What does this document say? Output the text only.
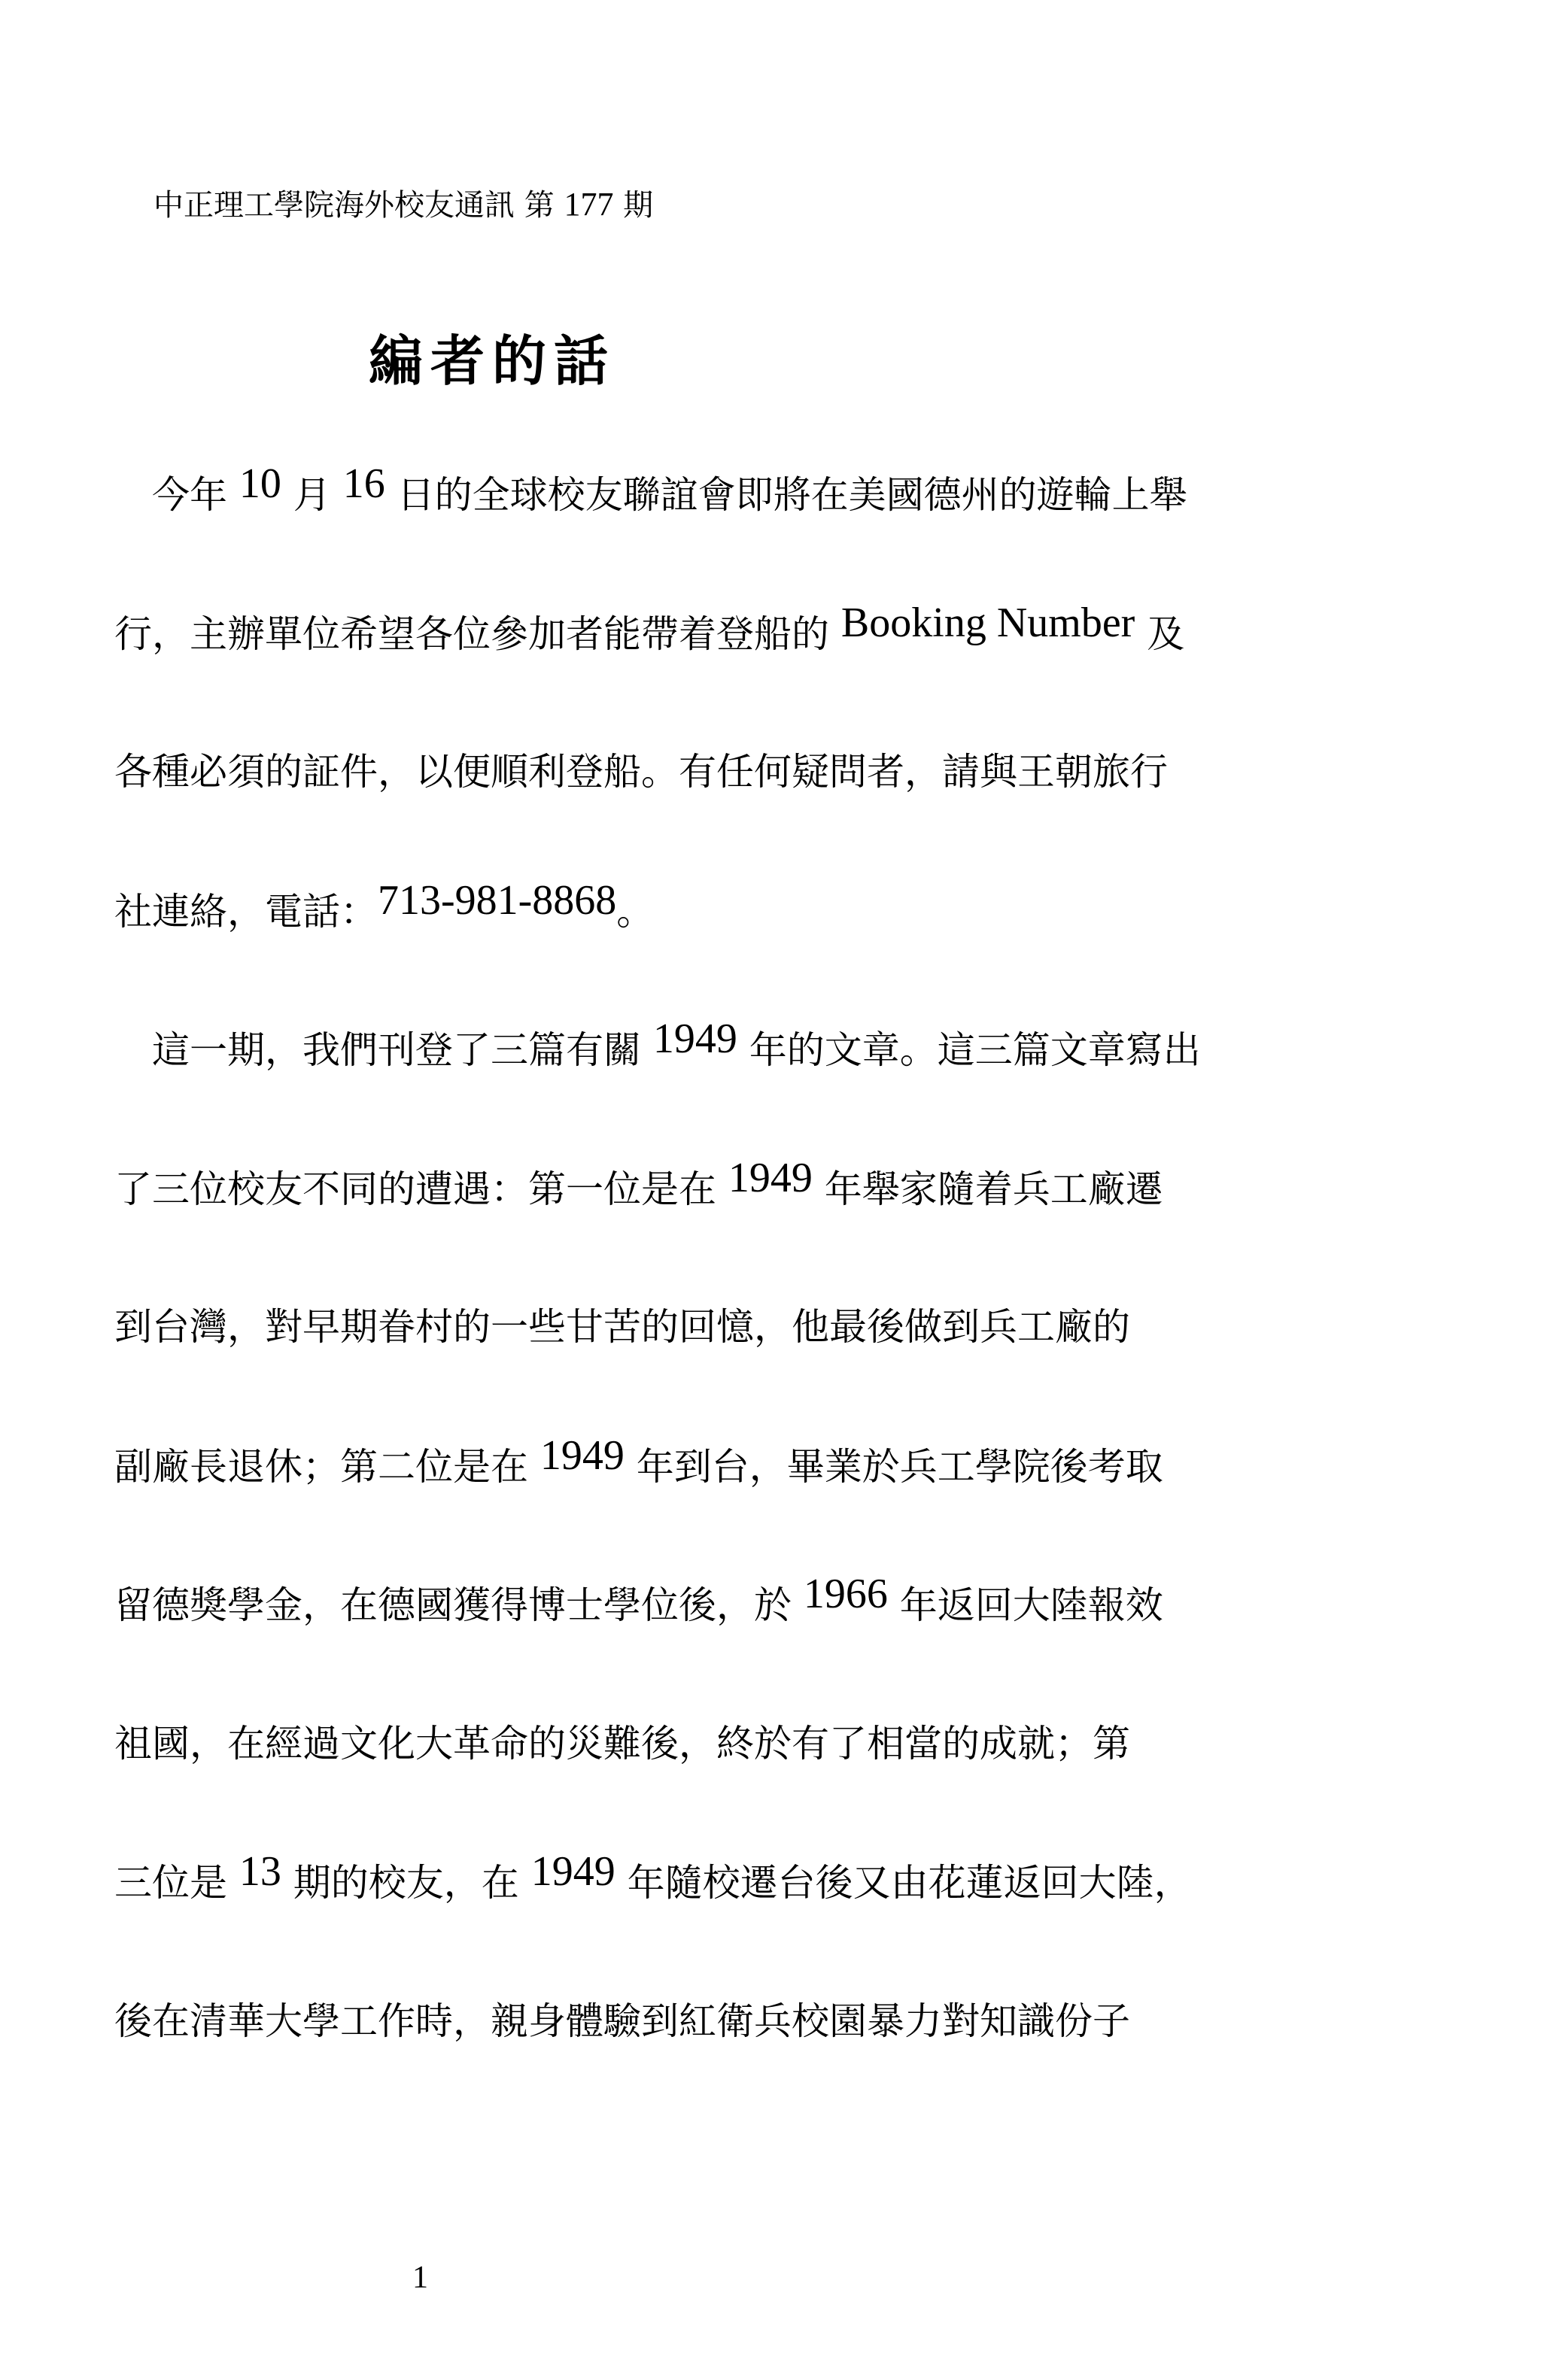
中正理工學院海外校友通訊 第 177 期
編者的話
　今年 10 月 16 日的全球校友聯誼會即將在美國德州的遊輪上舉
行，主辦單位希望各位參加者能帶着登船的 Booking Number 及
各種必須的証件，以便順利登船。有任何疑問者，請與王朝旅行
社連絡，電話：713-981-8868。
　這一期，我們刊登了三篇有關 1949 年的文章。這三篇文章寫出
了三位校友不同的遭遇：第一位是在 1949 年舉家隨着兵工廠遷
到台灣，對早期眷村的一些甘苦的回憶，他最後做到兵工廠的
副廠長退休；第二位是在 1949 年到台，畢業於兵工學院後考取
留德獎學金，在德國獲得博士學位後，於 1966 年返回大陸報效
祖國，在經過文化大革命的災難後，終於有了相當的成就；第
三位是 13 期的校友，在 1949 年隨校遷台後又由花蓮返回大陸，
後在清華大學工作時，親身體驗到紅衛兵校園暴力對知識份子
1
